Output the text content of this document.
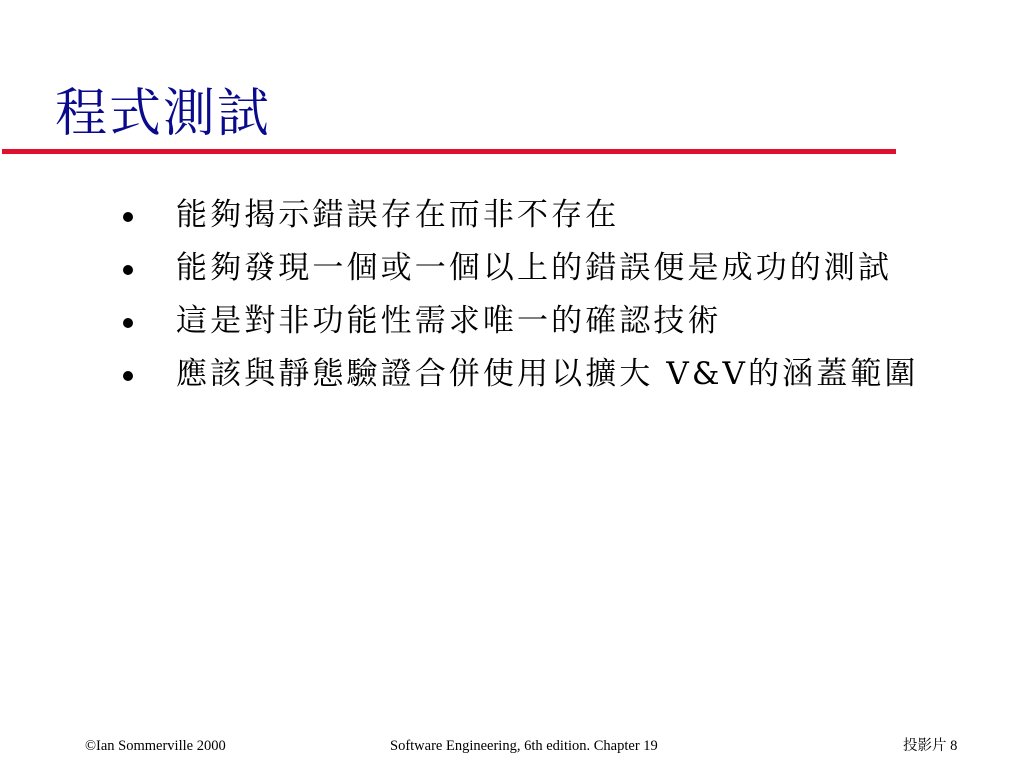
程式測試
能夠揭示錯誤存在而非不存在
能夠發現一個或一個以上的錯誤便是成功的測試
這是對非功能性需求唯一的確認技術
應該與靜態驗證合併使用以擴大 V&V的涵蓋範圍
©Ian Sommerville 2000	Software Engineering, 6th edition. Chapter 19	投影片 8
